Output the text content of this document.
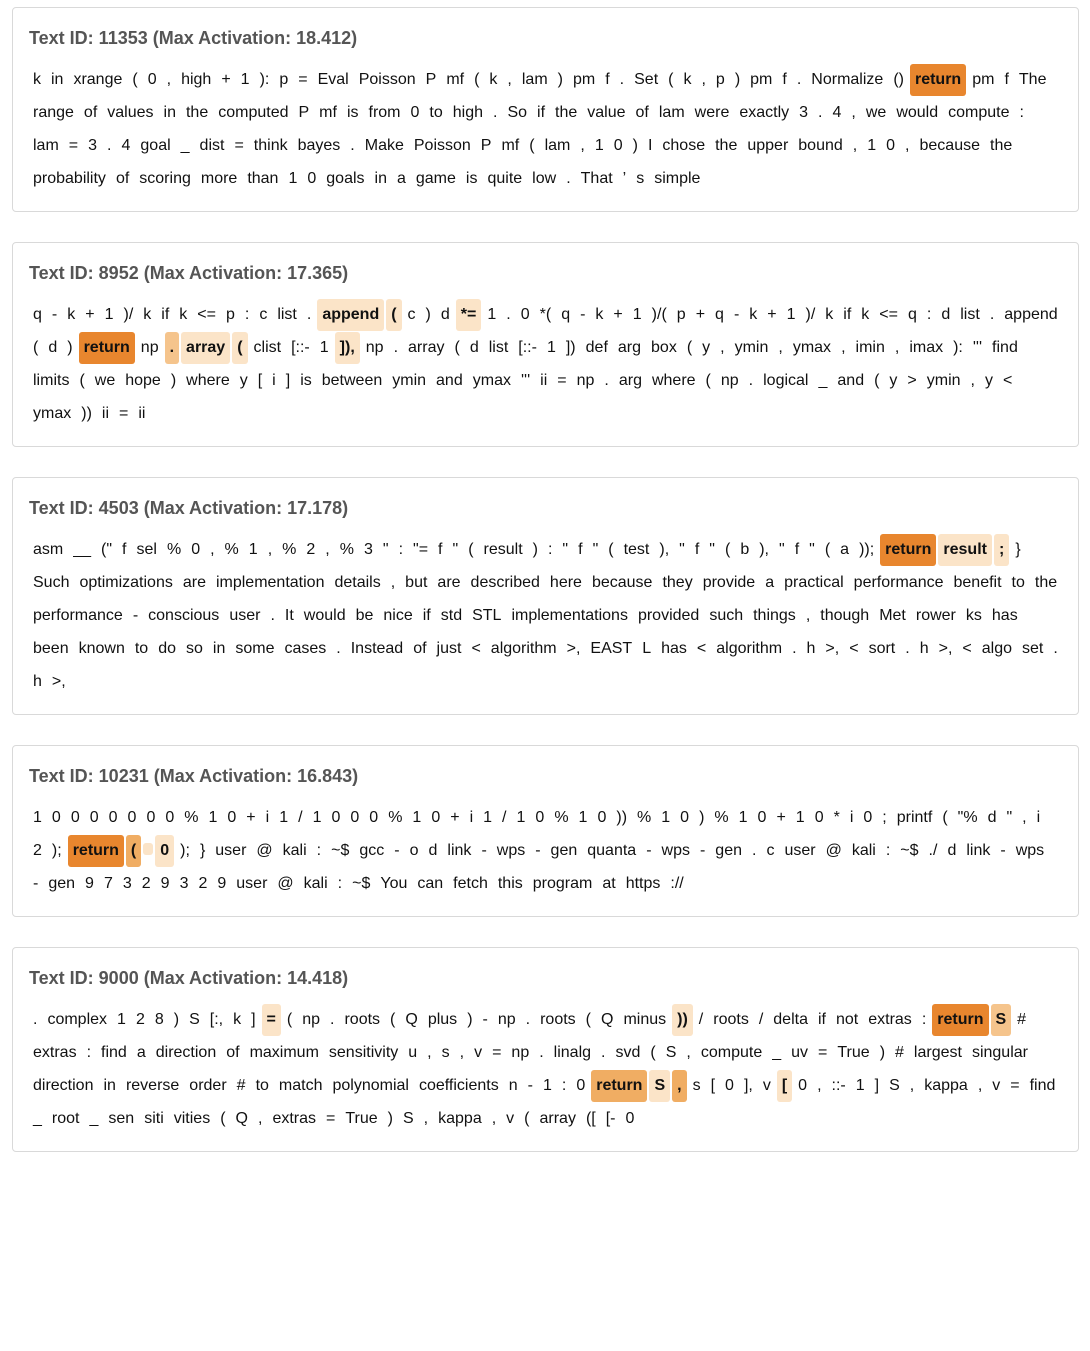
Text ID: 11353 (Max Activation: 18.412)
k in xrange ( 0 , high + 1 ): p = Eval Poisson P mf ( k , lam ) pm f . Set ( k , p ) pm f . Normalize () return pm f Therange of values in the computed P mf is from 0 to high . So if the value of lam were exactly 3 . 4 , we would compute :lam = 3 . 4 goal _ dist = think bayes . Make Poisson P mf ( lam , 1 0 ) I chose the upper bound , 1 0 , because theprobability of scoring more than 1 0 goals in a game is quite low . That ’ s simple
Text ID: 8952 (Max Activation: 17.365)
q - k + 1 )/ k if k <= p : c list . append ( c ) d *= 1 . 0 *( q - k + 1 )/( p + q - k + 1 )/ k if k <= q : d list . append( d ) return np . array ( clist [::- 1 ]), np . array ( d list [::- 1 ]) def arg box ( y , ymin , ymax , imin , imax ): ''' findlimits ( we hope ) where y [ i ] is between ymin and ymax ''' ii = np . arg where ( np . logical _ and ( y > ymin , y <ymax )) ii = ii
Text ID: 4503 (Max Activation: 17.178)
asm __ (" f sel % 0 , % 1 , % 2 , % 3 " : "= f " ( result ) : " f " ( test ), " f " ( b ), " f " ( a )); return result ; }Such optimizations are implementation details , but are described here because they provide a practical performance benefit to theperformance - conscious user . It would be nice if std STL implementations provided such things , though Met rower ks hasbeen known to do so in some cases . Instead of just < algorithm >, EAST L has < algorithm . h >, < sort . h >, < algo set .h >,
Text ID: 10231 (Max Activation: 16.843)
1 0 0 0 0 0 0 0 % 1 0 + i 1 / 1 0 0 0 % 1 0 + i 1 / 1 0 % 1 0 )) % 1 0 ) % 1 0 + 1 0 * i 0 ; printf ( "% d " , i2 ); return ( 0 ); } user @ kali : ~$ gcc - o d link - wps - gen quanta - wps - gen . c user @ kali : ~$ ./ d link - wps- gen 9 7 3 2 9 3 2 9 user @ kali : ~$ You can fetch this program at https ://
Text ID: 9000 (Max Activation: 14.418)
. complex 1 2 8 ) S [:, k ] = ( np . roots ( Q plus ) - np . roots ( Q minus )) / roots / delta if not extras : return S #extras : find a direction of maximum sensitivity u , s , v = np . linalg . svd ( S , compute _ uv = True ) # largest singulardirection in reverse order # to match polynomial coefficients n - 1 : 0 return S , s [ 0 ], v [ 0 , ::- 1 ] S , kappa , v = find_ root _ sen siti vities ( Q , extras = True ) S , kappa , v ( array ([ [- 0
